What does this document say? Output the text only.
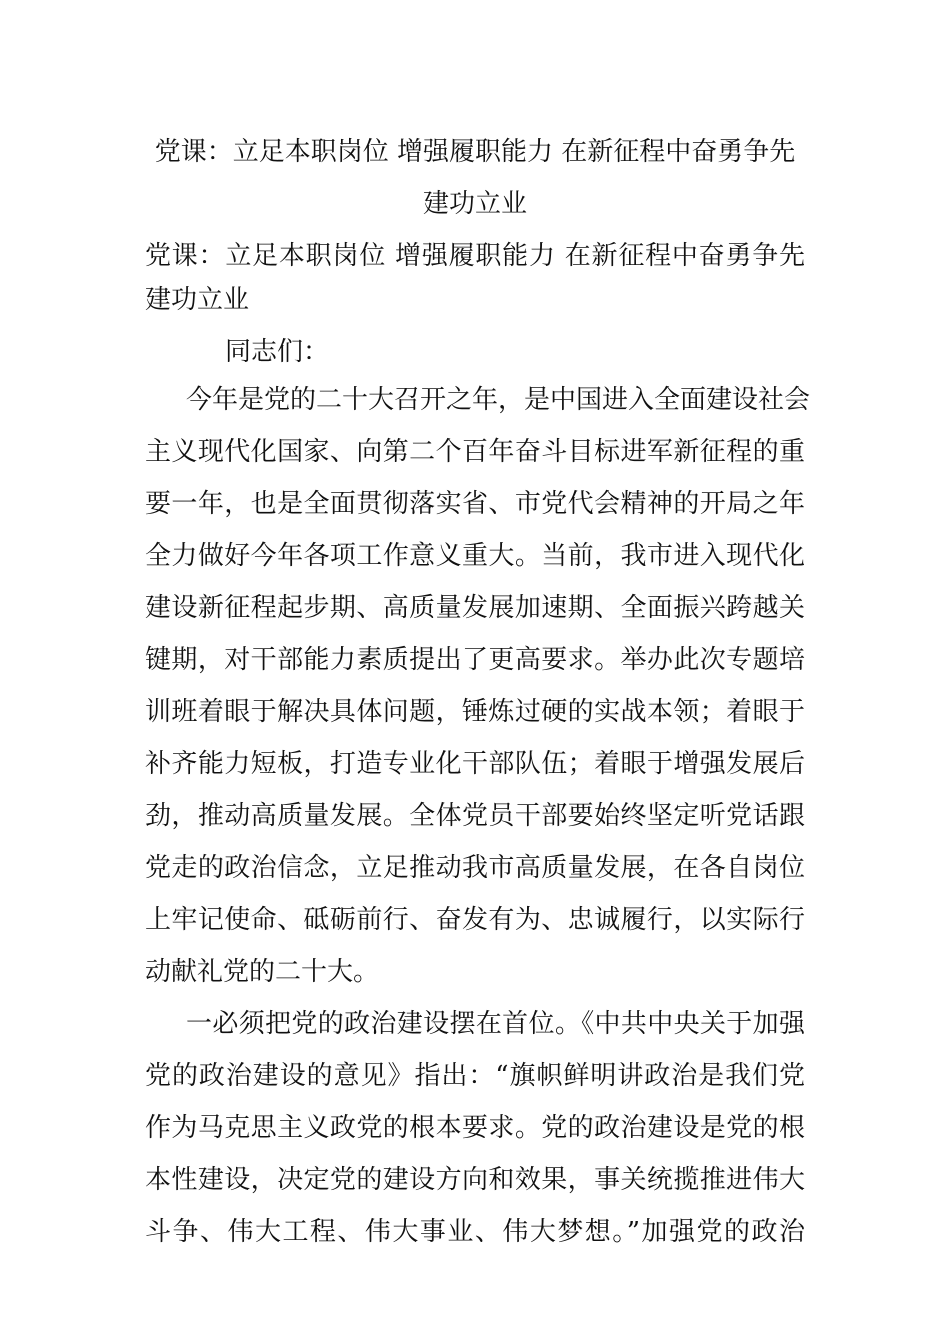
党课：立足本职岗位 增强履职能力 在新征程中奋勇争先
建功立业

党课：立足本职岗位 增强履职能力 在新征程中奋勇争先

建功立业

同志们：

今年是党的二十大召开之年，是中国进入全面建设社会

主义现代化国家、向第二个百年奋斗目标进军新征程的重

要一年，也是全面贯彻落实省、市党代会精神的开局之年

全力做好今年各项工作意义重大。当前，我市进入现代化

建设新征程起步期、高质量发展加速期、全面振兴跨越关

键期，对干部能力素质提出了更高要求。举办此次专题培

训班着眼于解决具体问题，锤炼过硬的实战本领；着眼于

补齐能力短板，打造专业化干部队伍；着眼于增强发展后

劲，推动高质量发展。全体党员干部要始终坚定听党话跟

党走的政治信念，立足推动我市高质量发展，在各自岗位

上牢记使命、砥砺前行、奋发有为、忠诚履行，以实际行

动献礼党的二十大。

一必须把党的政治建设摆在首位。《中共中央关于加强

党的政治建设的意见》指出：“旗帜鲜明讲政治是我们党

作为马克思主义政党的根本要求。党的政治建设是党的根

本性建设，决定党的建设方向和效果，事关统揽推进伟大

斗争、伟大工程、伟大事业、伟大梦想。”加强党的政治
